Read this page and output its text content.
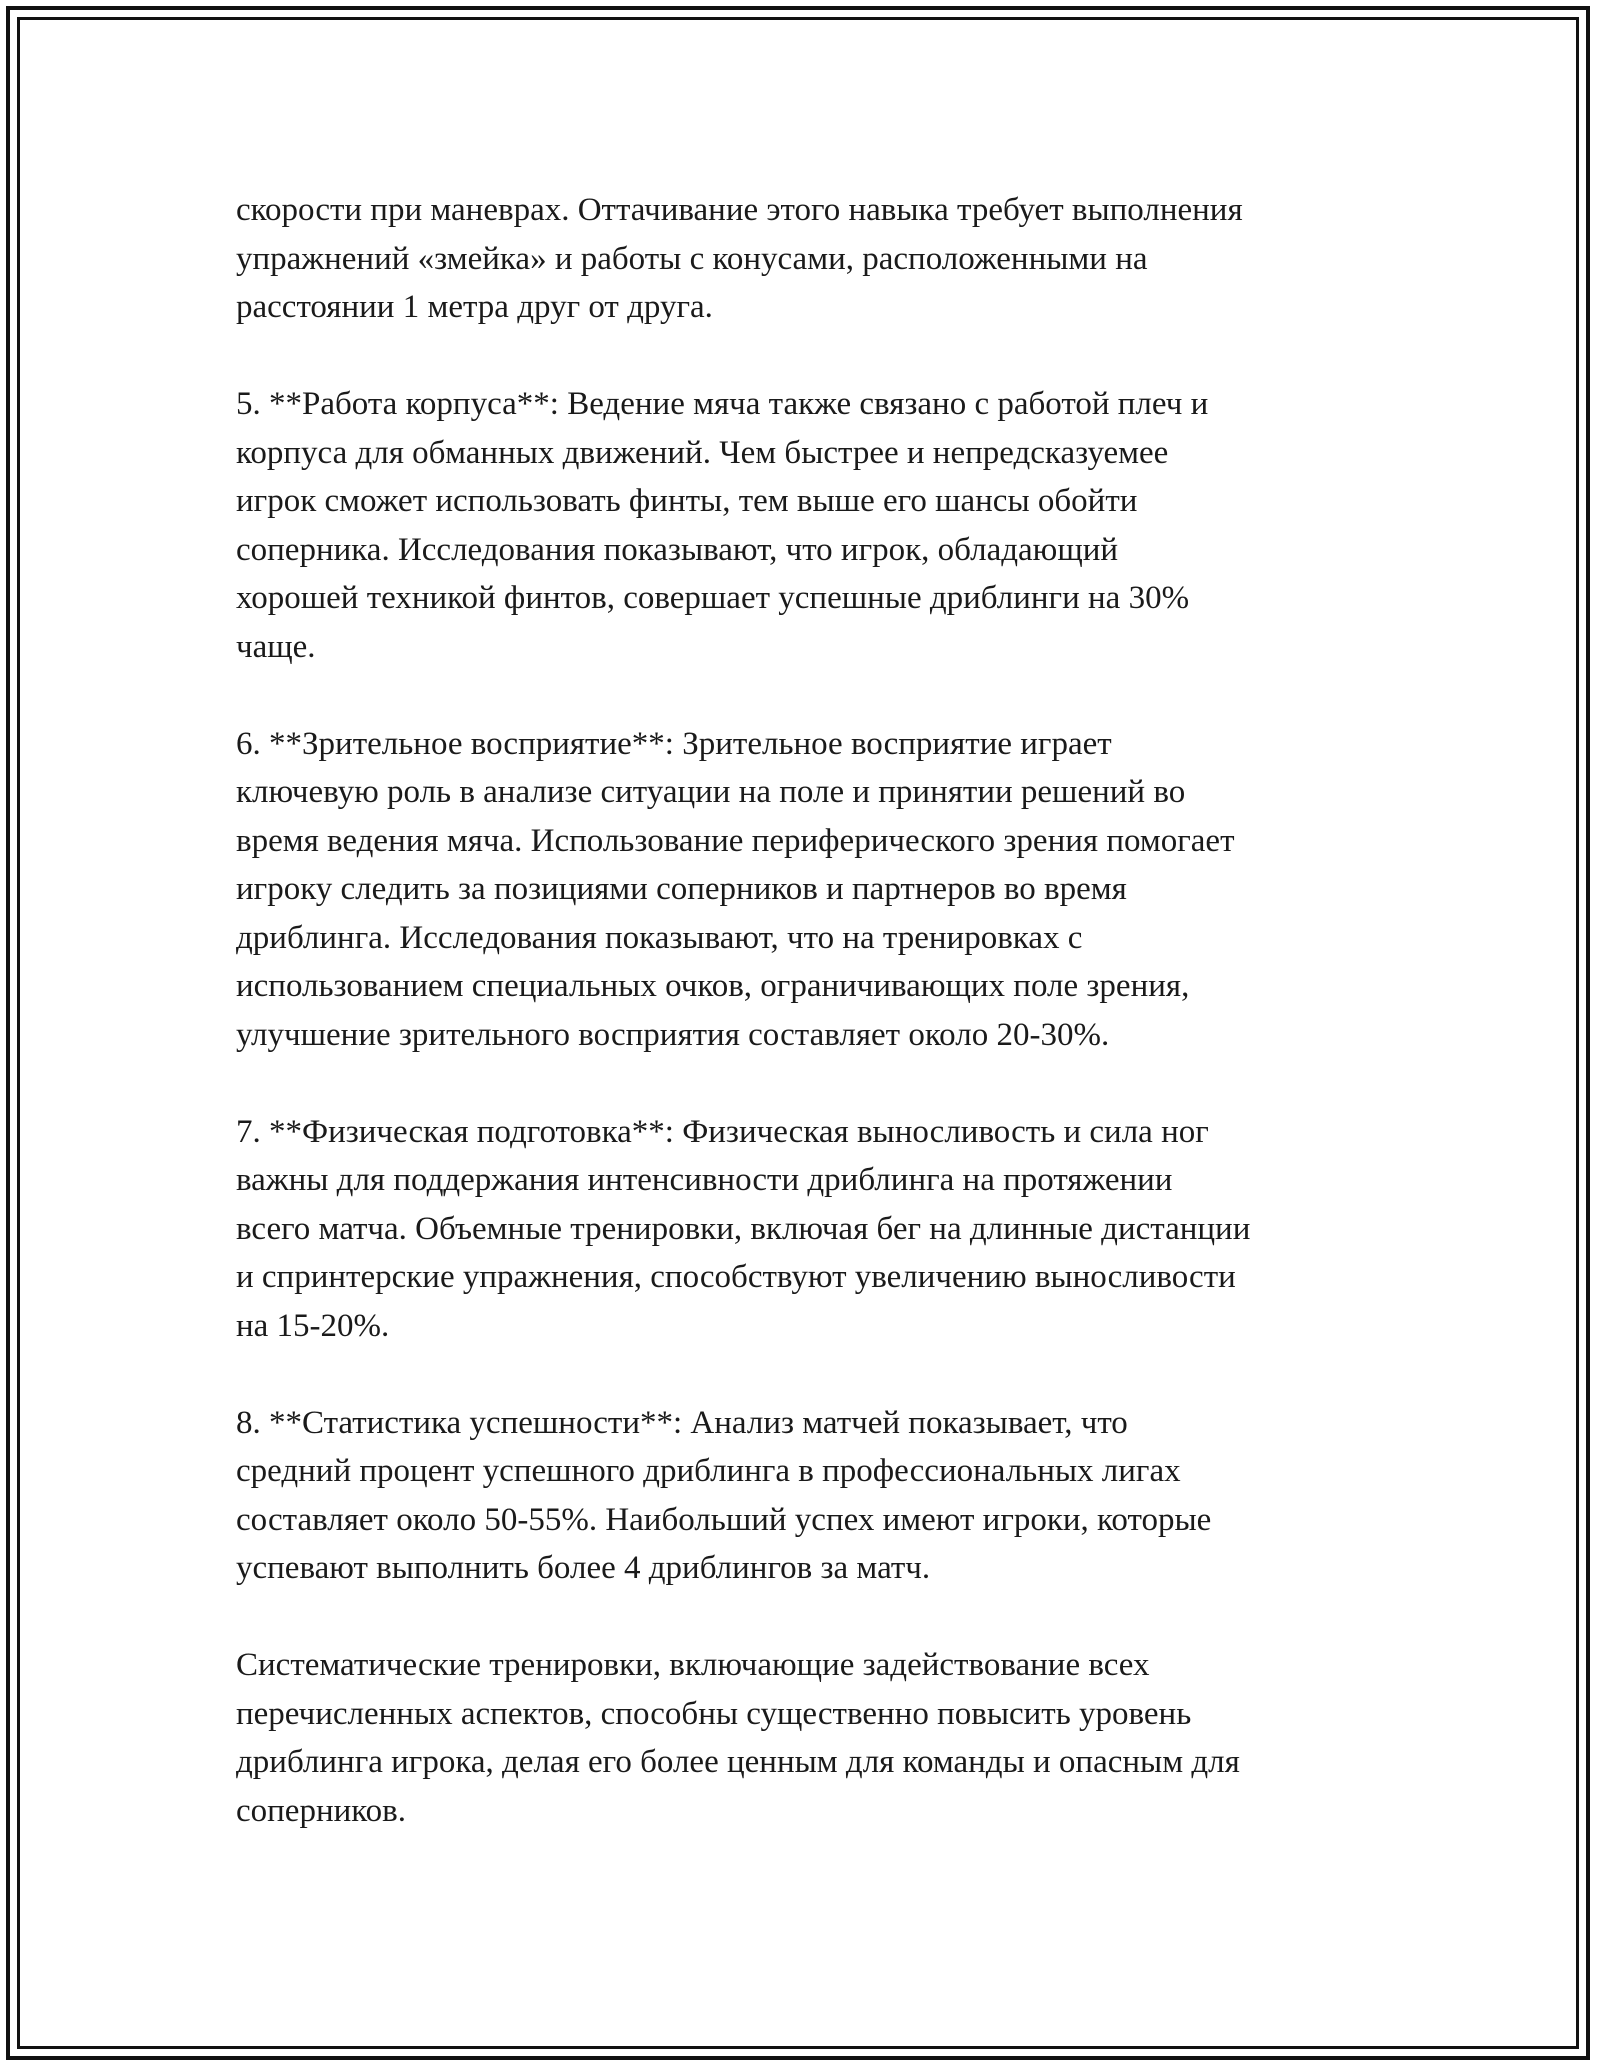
скорости при маневрах. Оттачивание этого навыка требует выполнения
упражнений «змейка» и работы с конусами, расположенными на
расстоянии 1 метра друг от друга.

5. **Работа корпуса**: Ведение мяча также связано с работой плеч и
корпуса для обманных движений. Чем быстрее и непредсказуемее
игрок сможет использовать финты, тем выше его шансы обойти
соперника. Исследования показывают, что игрок, обладающий
хорошей техникой финтов, совершает успешные дриблинги на 30%
чаще.

6. **Зрительное восприятие**: Зрительное восприятие играет
ключевую роль в анализе ситуации на поле и принятии решений во
время ведения мяча. Использование периферического зрения помогает
игроку следить за позициями соперников и партнеров во время
дриблинга. Исследования показывают, что на тренировках с
использованием специальных очков, ограничивающих поле зрения,
улучшение зрительного восприятия составляет около 20-30%.

7. **Физическая подготовка**: Физическая выносливость и сила ног
важны для поддержания интенсивности дриблинга на протяжении
всего матча. Объемные тренировки, включая бег на длинные дистанции
и спринтерские упражнения, способствуют увеличению выносливости
на 15-20%.

8. **Статистика успешности**: Анализ матчей показывает, что
средний процент успешного дриблинга в профессиональных лигах
составляет около 50-55%. Наибольший успех имеют игроки, которые
успевают выполнить более 4 дриблингов за матч.

Систематические тренировки, включающие задействование всех
перечисленных аспектов, способны существенно повысить уровень
дриблинга игрока, делая его более ценным для команды и опасным для
соперников.
